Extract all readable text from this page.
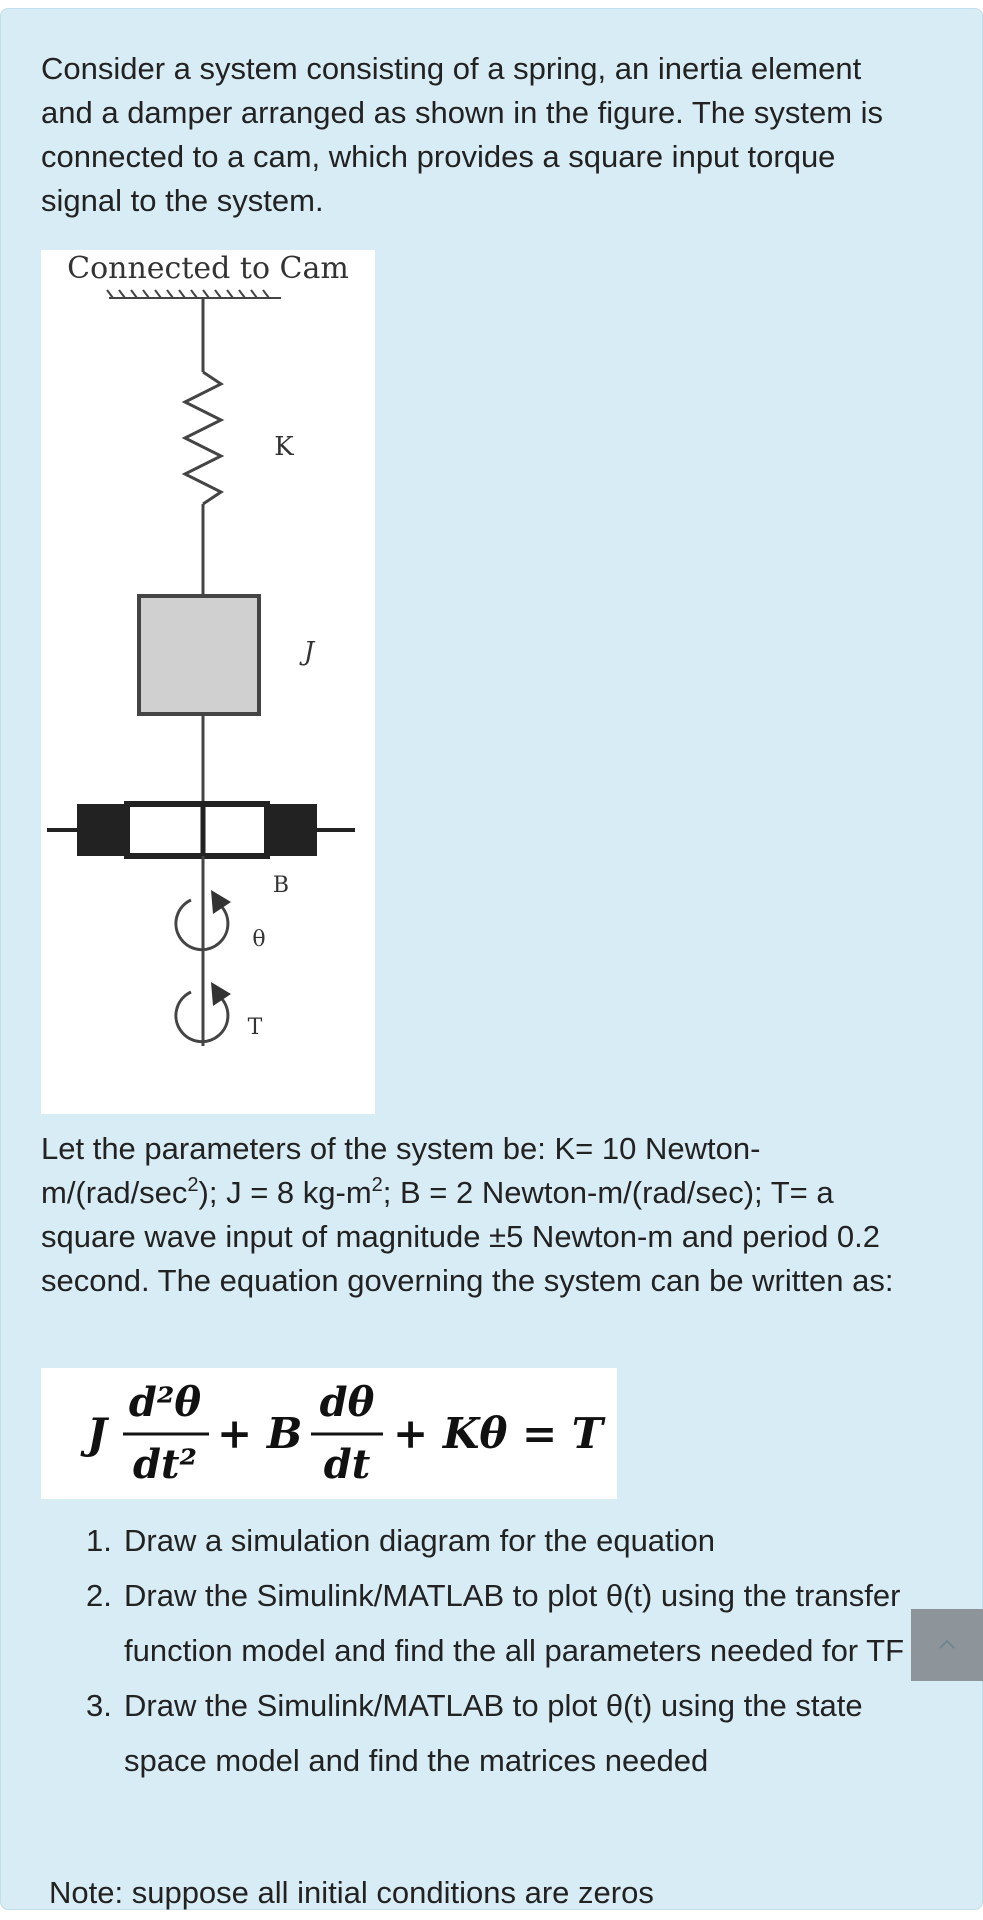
Consider a system consisting of a spring, an inertia element and a damper arranged as shown in the figure. The system is connected to a cam, which provides a square input torque signal to the system.

Connected to Cam
K
J
B
θ
T

Let the parameters of the system be: K= 10 Newton-$m/(rad/\sec^2)$; J = 8 $kg-m^2$; B = 2 Newton-m/(rad/sec); T= a square wave input of magnitude ±5 Newton-m and period 0.2 second. The equation governing the system can be written as:

J
d²θ
dt²
+ B
dθ
dt
+ Kθ = T
1. Draw a simulation diagram for the equation
2. Draw the Simulink/MATLAB to plot θ(t) using the transfer function model and find the all parameters needed for TF
3. Draw the Simulink/MATLAB to plot θ(t) using the state space model and find the matrices needed

Note: suppose all initial conditions are zeros
